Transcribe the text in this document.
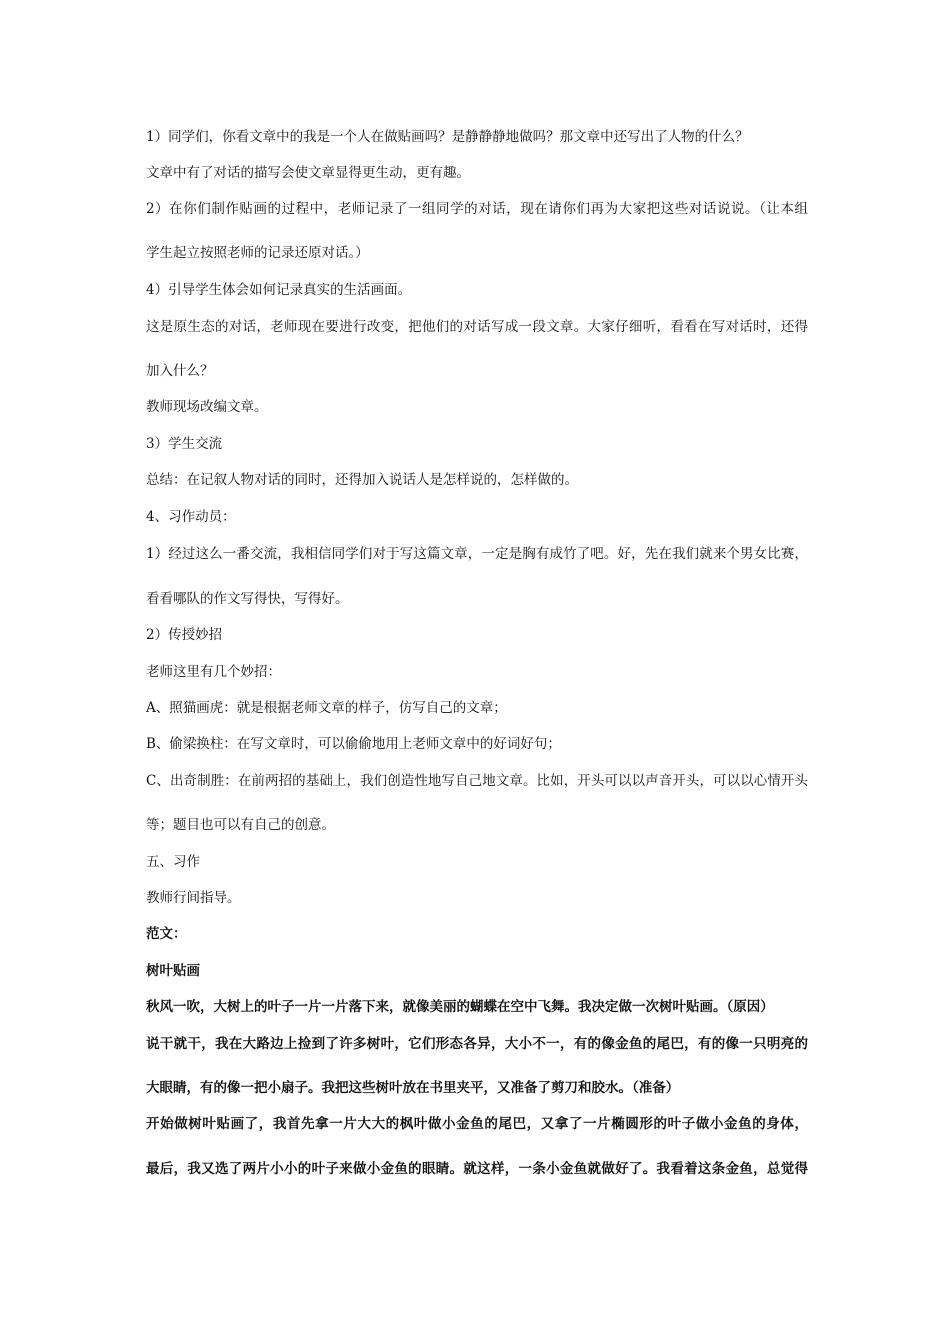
1）同学们，你看文章中的我是一个人在做贴画吗？是静静静地做吗？那文章中还写出了人物的什么？
文章中有了对话的描写会使文章显得更生动，更有趣。
2）在你们制作贴画的过程中，老师记录了一组同学的对话，现在请你们再为大家把这些对话说说。（让本组
学生起立按照老师的记录还原对话。）
4）引导学生体会如何记录真实的生活画面。
这是原生态的对话，老师现在要进行改变，把他们的对话写成一段文章。大家仔细听，看看在写对话时，还得
加入什么？
教师现场改编文章。
3）学生交流
总结：在记叙人物对话的同时，还得加入说话人是怎样说的，怎样做的。
4、习作动员：
1）经过这么一番交流，我相信同学们对于写这篇文章，一定是胸有成竹了吧。好，先在我们就来个男女比赛，
看看哪队的作文写得快，写得好。
2）传授妙招
老师这里有几个妙招：
A、照猫画虎：就是根据老师文章的样子，仿写自己的文章；
B、偷梁换柱：在写文章时，可以偷偷地用上老师文章中的好词好句；
C、出奇制胜：在前两招的基础上，我们创造性地写自己地文章。比如，开头可以以声音开头，可以以心情开头
等；题目也可以有自己的创意。
五、习作
教师行间指导。
范文：
树叶贴画
秋风一吹，大树上的叶子一片一片落下来，就像美丽的蝴蝶在空中飞舞。我决定做一次树叶贴画。（原因）
说干就干，我在大路边上捡到了许多树叶，它们形态各异，大小不一，有的像金鱼的尾巴，有的像一只明亮的
大眼睛，有的像一把小扇子。我把这些树叶放在书里夹平，又准备了剪刀和胶水。（准备）
开始做树叶贴画了，我首先拿一片大大的枫叶做小金鱼的尾巴，又拿了一片椭圆形的叶子做小金鱼的身体，
最后，我又选了两片小小的叶子来做小金鱼的眼睛。就这样，一条小金鱼就做好了。我看着这条金鱼，总觉得
